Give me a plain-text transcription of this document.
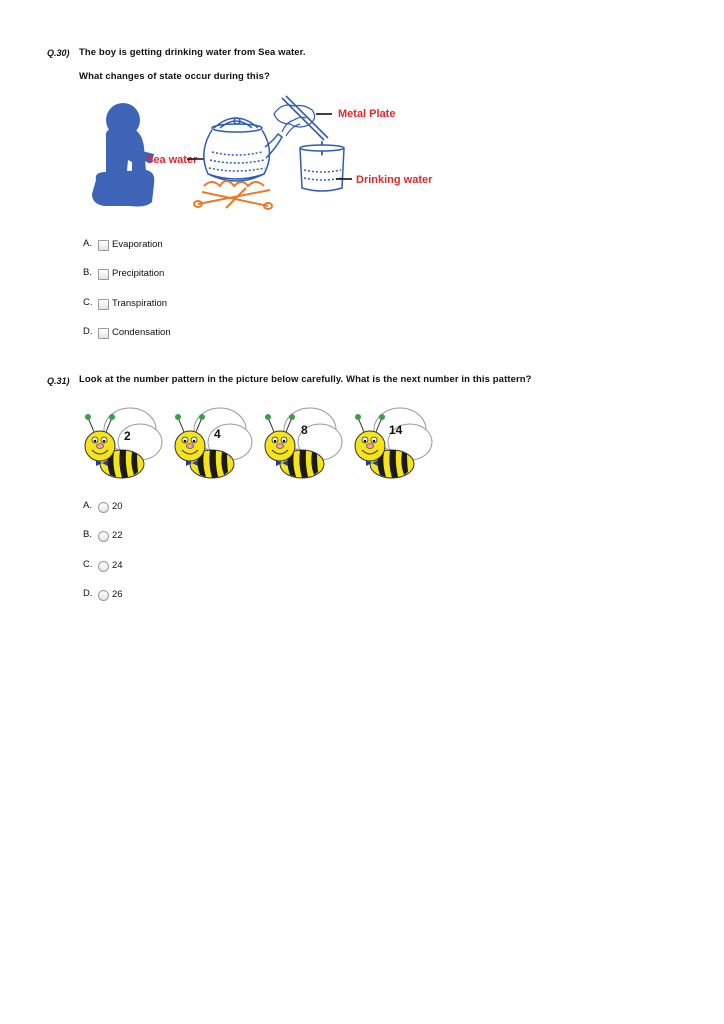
Q.30) The boy is getting drinking water from Sea water.
What changes of state occur during this?
Sea water
Metal Plate
Drinking water
A. Evaporation
B. Precipitation
C. Transpiration
D. Condensation
Q.31) Look at the number pattern in the picture below carefully. What is the next number in this pattern?
2	4	8	14
A. 20
B. 22
C. 24
D. 26
